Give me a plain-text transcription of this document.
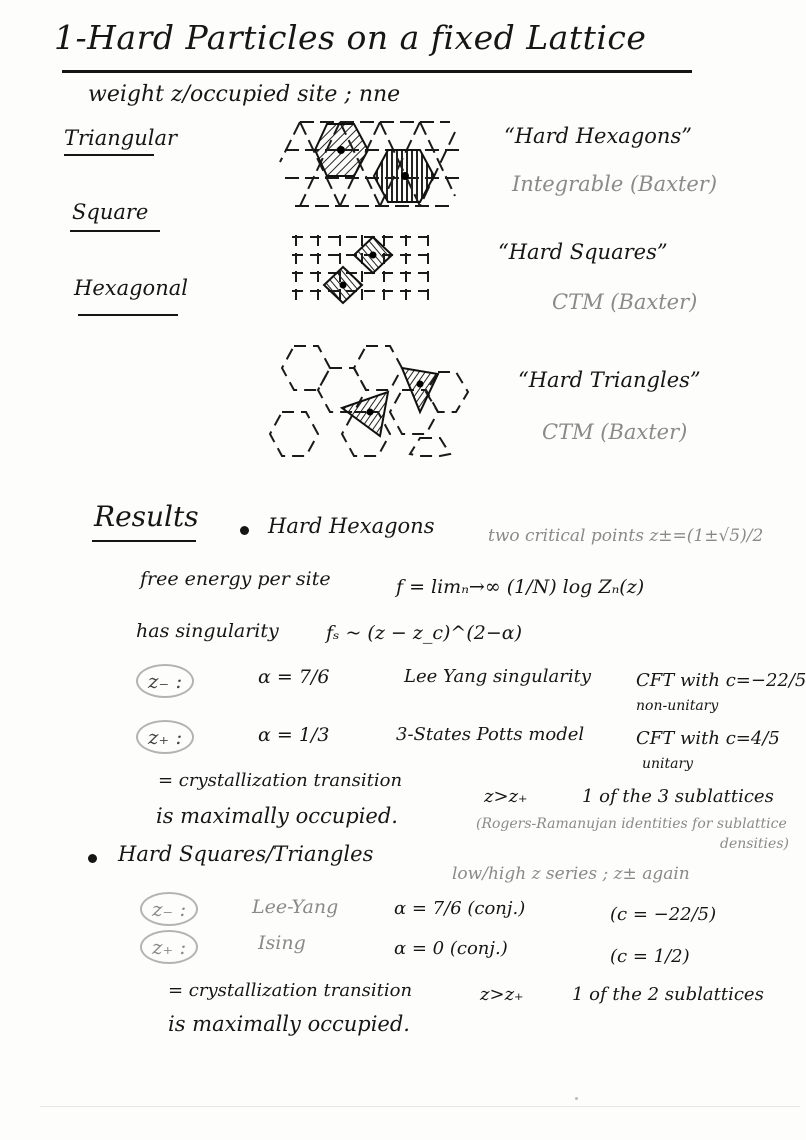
1-Hard Particles on a fixed Lattice
weight z/occupied site ; nne
Triangular
Square
Hexagonal
“Hard Hexagons”
Integrable (Baxter)
“Hard Squares”
CTM (Baxter)
“Hard Triangles”
CTM (Baxter)
Results	Hard Hexagons	two critical points z±=(1±√5)/2
free energy per site	f = limₙ→∞ (1/N) log Zₙ(z)
has singularity fₛ ~ (z − z_c)^(2−α)
z₋ :	α = 7/6	Lee Yang singularity	CFT with c=−22/5
non-unitary
z₊ :	α = 1/3	3-States Potts model	CFT with c=4/5
unitary
= crystallization transition
z>z₊	1 of the 3 sublattices
is maximally occupied.	(Rogers-Ramanujan identities for sublattice
densities)
Hard Squares/Triangles
low/high z series ; z± again
z₋ :	Lee-Yang	α = 7/6 (conj.)	(c = −22/5)
z₊ :	Ising	α = 0 (conj.)	(c = 1/2)
= crystallization transition	z>z₊	1 of the 2 sublattices
is maximally occupied.
